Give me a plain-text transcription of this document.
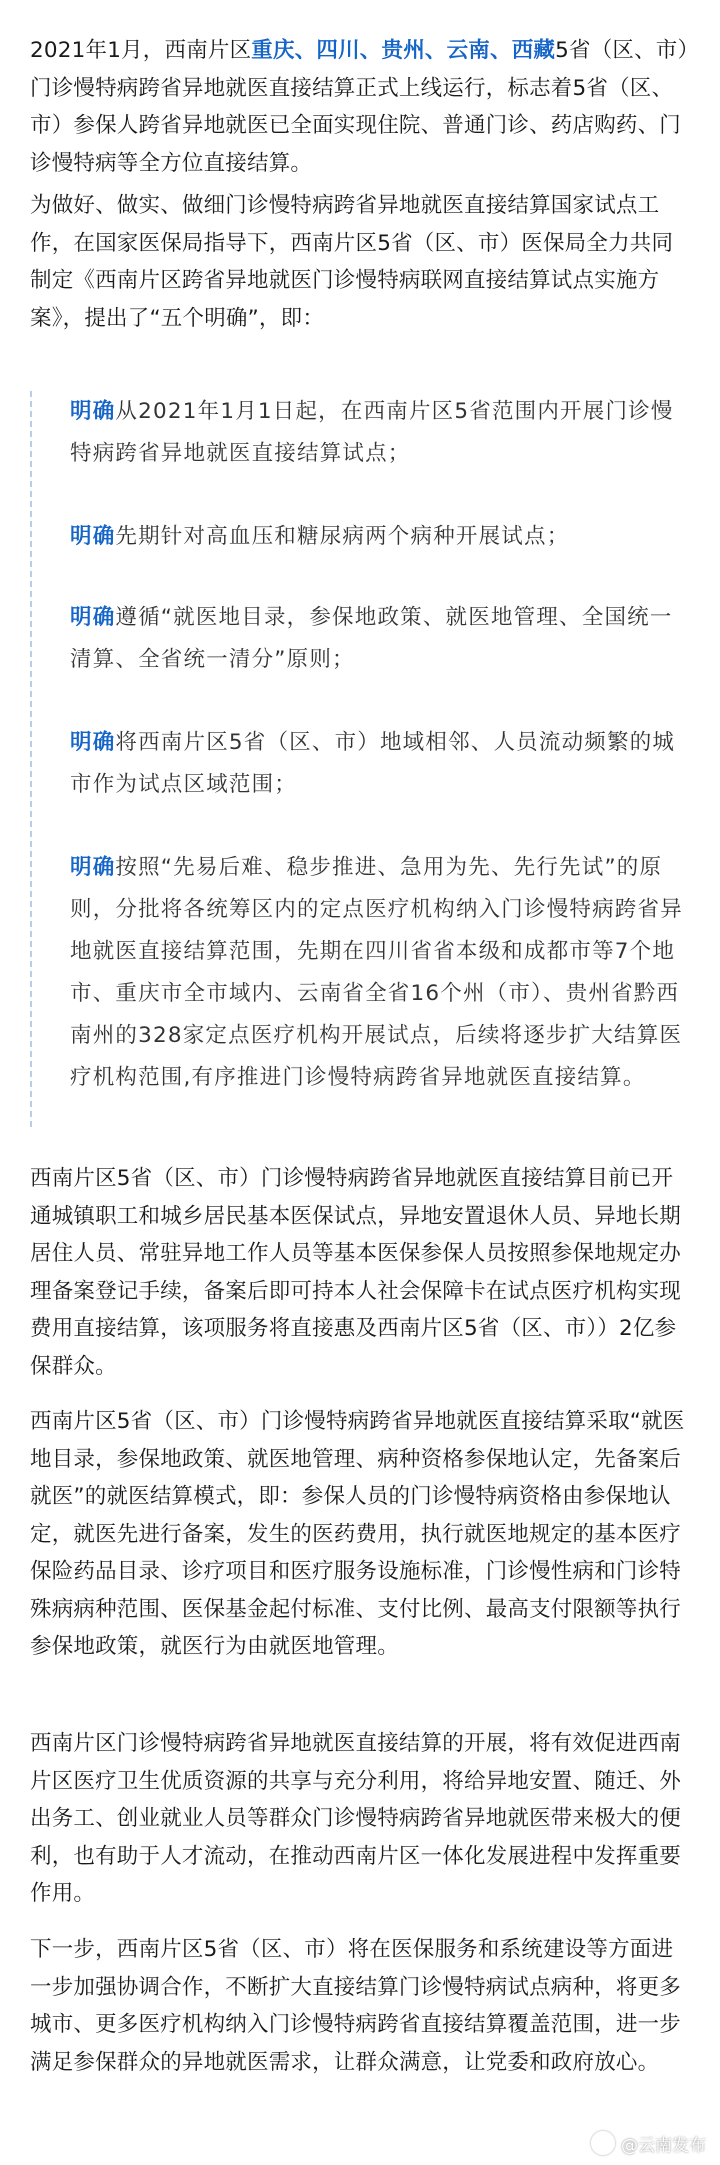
2021年1月，西南片区重庆、四川、贵州、云南、西藏5省（区、市）门诊慢特病跨省异地就医直接结算正式上线运行，标志着5省（区、市）参保人跨省异地就医已全面实现住院、普通门诊、药店购药、门诊慢特病等全方位直接结算。

为做好、做实、做细门诊慢特病跨省异地就医直接结算国家试点工作，在国家医保局指导下，西南片区5省（区、市）医保局全力共同制定《西南片区跨省异地就医门诊慢特病联网直接结算试点实施方案》，提出了“五个明确”，即：

明确从2021年1月1日起，在西南片区5省范围内开展门诊慢特病跨省异地就医直接结算试点；

明确先期针对高血压和糖尿病两个病种开展试点；

明确遵循“就医地目录，参保地政策、就医地管理、全国统一清算、全省统一清分”原则；

明确将西南片区5省（区、市）地域相邻、人员流动频繁的城市作为试点区域范围；

明确按照“先易后难、稳步推进、急用为先、先行先试”的原则，分批将各统筹区内的定点医疗机构纳入门诊慢特病跨省异地就医直接结算范围，先期在四川省省本级和成都市等7个地市、重庆市全市域内、云南省全省16个州（市）、贵州省黔西南州的328家定点医疗机构开展试点，后续将逐步扩大结算医疗机构范围,有序推进门诊慢特病跨省异地就医直接结算。

西南片区5省（区、市）门诊慢特病跨省异地就医直接结算目前已开通城镇职工和城乡居民基本医保试点，异地安置退休人员、异地长期居住人员、常驻异地工作人员等基本医保参保人员按照参保地规定办理备案登记手续，备案后即可持本人社会保障卡在试点医疗机构实现费用直接结算，该项服务将直接惠及西南片区5省（区、市））2亿参保群众。

西南片区5省（区、市）门诊慢特病跨省异地就医直接结算采取“就医地目录，参保地政策、就医地管理、病种资格参保地认定，先备案后就医”的就医结算模式，即：参保人员的门诊慢特病资格由参保地认定，就医先进行备案，发生的医药费用，执行就医地规定的基本医疗保险药品目录、诊疗项目和医疗服务设施标准，门诊慢性病和门诊特殊病病种范围、医保基金起付标准、支付比例、最高支付限额等执行参保地政策，就医行为由就医地管理。

西南片区门诊慢特病跨省异地就医直接结算的开展，将有效促进西南片区医疗卫生优质资源的共享与充分利用，将给异地安置、随迁、外出务工、创业就业人员等群众门诊慢特病跨省异地就医带来极大的便利，也有助于人才流动，在推动西南片区一体化发展进程中发挥重要作用。

下一步，西南片区5省（区、市）将在医保服务和系统建设等方面进一步加强协调合作，不断扩大直接结算门诊慢特病试点病种，将更多城市、更多医疗机构纳入门诊慢特病跨省直接结算覆盖范围，进一步满足参保群众的异地就医需求，让群众满意，让党委和政府放心。

@云南发布
